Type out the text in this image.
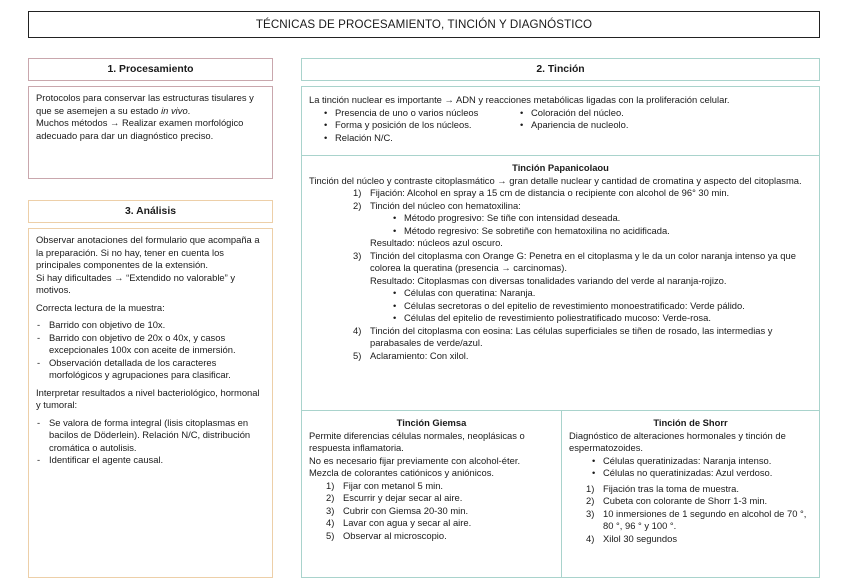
TÉCNICAS DE PROCESAMIENTO, TINCIÓN Y DIAGNÓSTICO
1. Procesamiento

Protocolos para conservar las estructuras tisulares y que se asemejen a su estado in vivo.

Muchos métodos → Realizar examen morfológico adecuado para dar un diagnóstico preciso.

3. Análisis

Observar anotaciones del formulario que acompaña a la preparación. Si no hay, tener en cuenta los principales componentes de la extensión.

Si hay dificultades → “Extendido no valorable” y motivos.

Correcta lectura de la muestra:

- Barrido con objetivo de 10x.
- Barrido con objetivo de 20x o 40x, y casos excepcionales 100x con aceite de inmersión.
- Observación detallada de los caracteres morfológicos y agrupaciones para clasificar.

Interpretar resultados a nivel bacteriológico, hormonal y tumoral:

- Se valora de forma integral (lisis citoplasmas en bacilos de Döderlein). Relación N/C, distribución cromática o autolisis.
- Identificar el agente causal.
2. Tinción

La tinción nuclear es importante → ADN y reacciones metabólicas ligadas con la proliferación celular.

• Presencia de uno o varios núcleos
• Forma y posición de los núcleos.
• Relación N/C.
• Coloración del núcleo.
• Apariencia de nucleolo.

Tinción Papanicolaou

Tinción del núcleo y contraste citoplasmático → gran detalle nuclear y cantidad de cromatina y aspecto del citoplasma.

1) Fijación: Alcohol en spray a 15 cm de distancia o recipiente con alcohol de 96° 30 min.
2) Tinción del núcleo con hematoxilina:
• Método progresivo: Se tiñe con intensidad deseada.
• Método regresivo: Se sobretiñe con hematoxilina no acidificada.

Resultado: núcleos azul oscuro.

3) Tinción del citoplasma con Orange G: Penetra en el citoplasma y le da un color naranja intenso ya que colorea la queratina (presencia → carcinomas).

Resultado: Citoplasmas con diversas tonalidades variando del verde al naranja-rojizo.

• Células con queratina: Naranja.
• Células secretoras o del epitelio de revestimiento monoestratificado: Verde pálido.
• Células del epitelio de revestimiento poliestratificado mucoso: Verde-rosa.
4) Tinción del citoplasma con eosina: Las células superficiales se tiñen de rosado, las intermedias y parabasales de verde/azul.
5) Aclaramiento: Con xilol.

Tinción Giemsa

Permite diferencias células normales, neoplásicas o respuesta inflamatoria.

No es necesario fijar previamente con alcohol-éter.

Mezcla de colorantes catiónicos y aniónicos.

1) Fijar con metanol 5 min.
2) Escurrir y dejar secar al aire.
3) Cubrir con Giemsa 20-30 min.
4) Lavar con agua y secar al aire.
5) Observar al microscopio.

Tinción de Shorr

Diagnóstico de alteraciones hormonales y tinción de espermatozoides.

• Células queratinizadas: Naranja intenso.
• Células no queratinizadas: Azul verdoso.
1) Fijación tras la toma de muestra.
2) Cubeta con colorante de Shorr 1-3 min.
3) 10 inmersiones de 1 segundo en alcohol de 70 °, 80 °, 96 ° y 100 °.
4) Xilol 30 segundos
